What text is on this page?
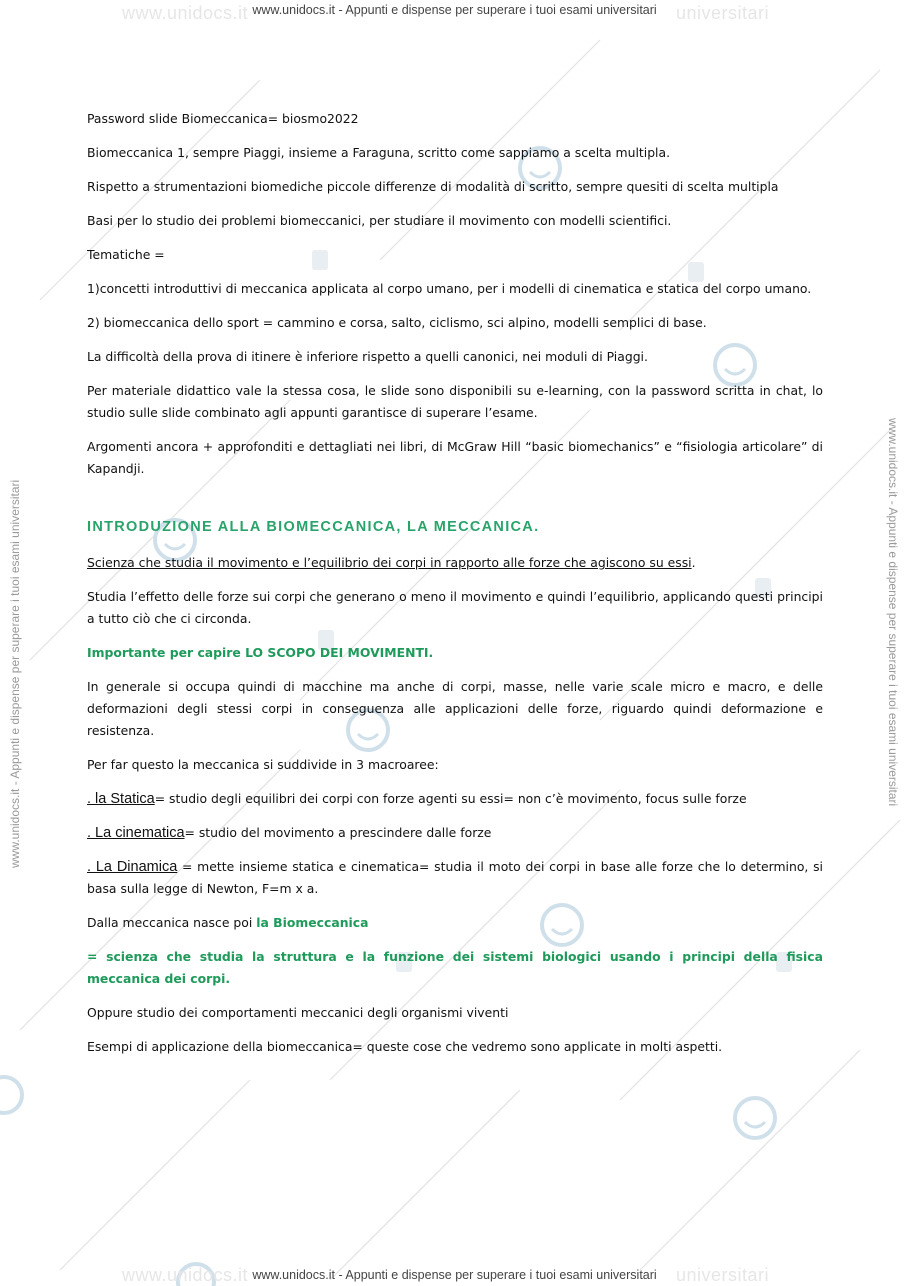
www.unidocs.it	universitari
www.unidocs.it	universitari
www.unidocs.it - Appunti e dispense per superare i tuoi esami universitari
www.unidocs.it - Appunti e dispense per superare i tuoi esami universitari
www.unidocs.it - Appunti e dispense per superare i tuoi esami universitari	www.unidocs.it - Appunti e dispense per superare i tuoi esami universitari

Password slide Biomeccanica= biosmo2022

Biomeccanica 1, sempre Piaggi, insieme a Faraguna, scritto come sappiamo a scelta multipla.

Rispetto a strumentazioni biomediche piccole differenze di modalità di scritto, sempre quesiti di scelta multipla

Basi per lo studio dei problemi biomeccanici, per studiare il movimento con modelli scientifici.

Tematiche =

1)concetti introduttivi di meccanica applicata al corpo umano, per i modelli di cinematica e statica del corpo umano.

2) biomeccanica dello sport = cammino e corsa, salto, ciclismo, sci alpino, modelli semplici di base.

La difficoltà della prova di itinere è inferiore rispetto a quelli canonici, nei moduli di Piaggi.

Per materiale didattico vale la stessa cosa, le slide sono disponibili su e-learning, con la password scritta in chat, lo studio sulle slide combinato agli appunti garantisce di superare l’esame.

Argomenti ancora + approfonditi e dettagliati nei libri, di McGraw Hill “basic biomechanics” e “fisiologia articolare” di Kapandji.

INTRODUZIONE ALLA BIOMECCANICA, LA MECCANICA.

Scienza che studia il movimento e l’equilibrio dei corpi in rapporto alle forze che agiscono su essi.

Studia l’effetto delle forze sui corpi che generano o meno il movimento e quindi l’equilibrio, applicando questi principi a tutto ciò che ci circonda.

Importante per capire LO SCOPO DEI MOVIMENTI.

In generale si occupa quindi di macchine ma anche di corpi, masse, nelle varie scale micro e macro, e delle deformazioni degli stessi corpi in conseguenza alle applicazioni delle forze, riguardo quindi deformazione e resistenza.

Per far questo la meccanica si suddivide in 3 macroaree:

. la Statica= studio degli equilibri dei corpi con forze agenti su essi= non c’è movimento, focus sulle forze

. La cinematica= studio del movimento a prescindere dalle forze

. La Dinamica = mette insieme statica e cinematica= studia il moto dei corpi in base alle forze che lo determino, si basa sulla legge di Newton, F=m x a.

Dalla meccanica nasce poi la Biomeccanica

= scienza che studia la struttura e la funzione dei sistemi biologici usando i principi della fisica meccanica dei corpi.

Oppure studio dei comportamenti meccanici degli organismi viventi

Esempi di applicazione della biomeccanica= queste cose che vedremo sono applicate in molti aspetti.
